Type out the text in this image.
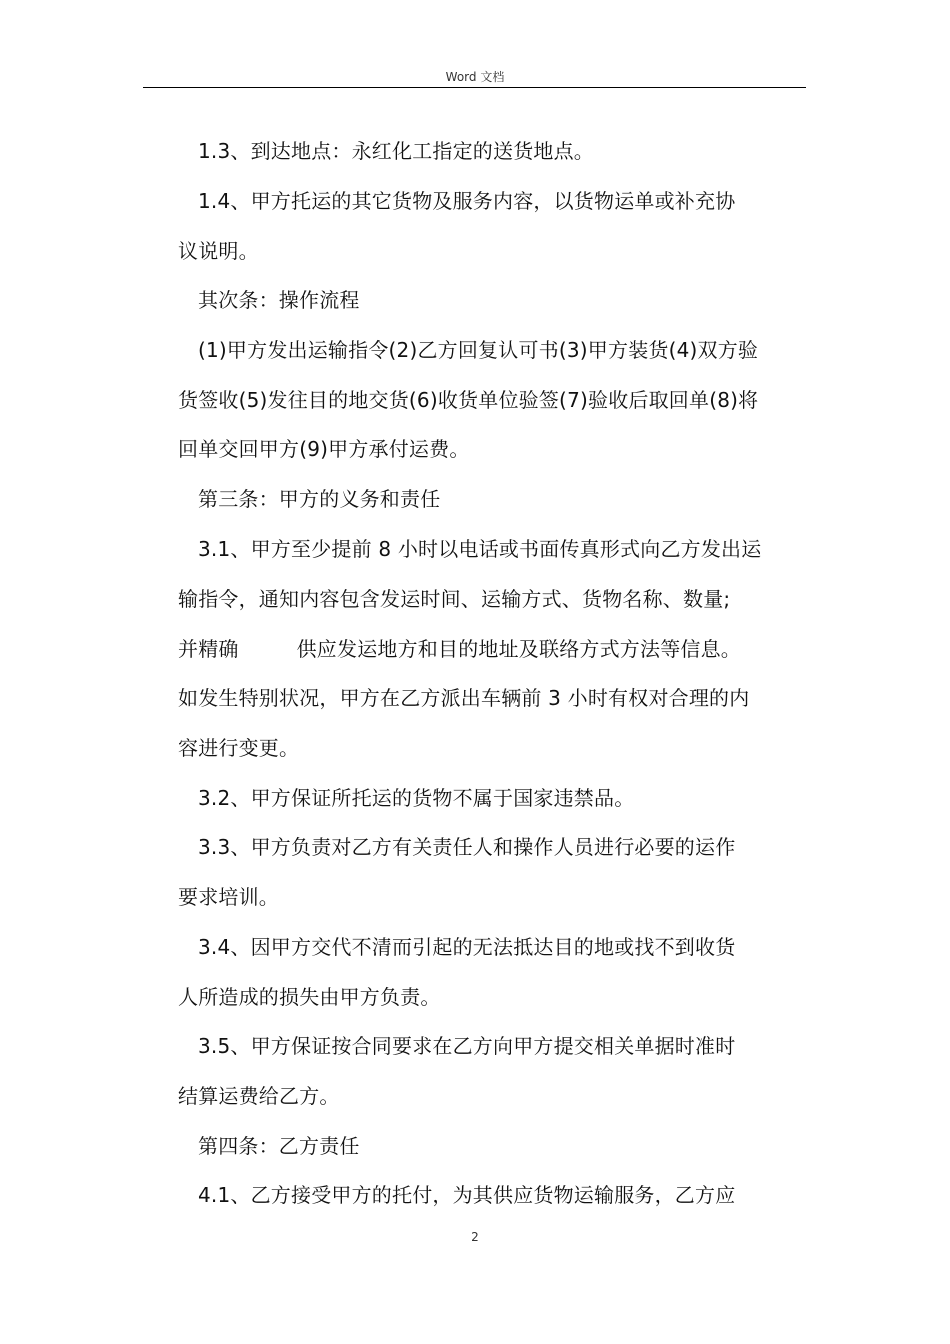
Word 文档
1.3、到达地点：永红化工指定的送货地点。
1.4、甲方托运的其它货物及服务内容，以货物运单或补充协
议说明。
其次条：操作流程
(1)甲方发出运输指令(2)乙方回复认可书(3)甲方装货(4)双方验
货签收(5)发往目的地交货(6)收货单位验签(7)验收后取回单(8)将
回单交回甲方(9)甲方承付运费。
第三条：甲方的义务和责任
3.1、甲方至少提前 8 小时以电话或书面传真形式向乙方发出运
输指令，通知内容包含发运时间、运输方式、货物名称、数量;
并精确	供应发运地方和目的地址及联络方式方法等信息。
如发生特别状况，甲方在乙方派出车辆前 3 小时有权对合理的内
容进行变更。
3.2、甲方保证所托运的货物不属于国家违禁品。
3.3、甲方负责对乙方有关责任人和操作人员进行必要的运作
要求培训。
3.4、因甲方交代不清而引起的无法抵达目的地或找不到收货
人所造成的损失由甲方负责。
3.5、甲方保证按合同要求在乙方向甲方提交相关单据时准时
结算运费给乙方。
第四条：乙方责任
4.1、乙方接受甲方的托付，为其供应货物运输服务，乙方应
2
